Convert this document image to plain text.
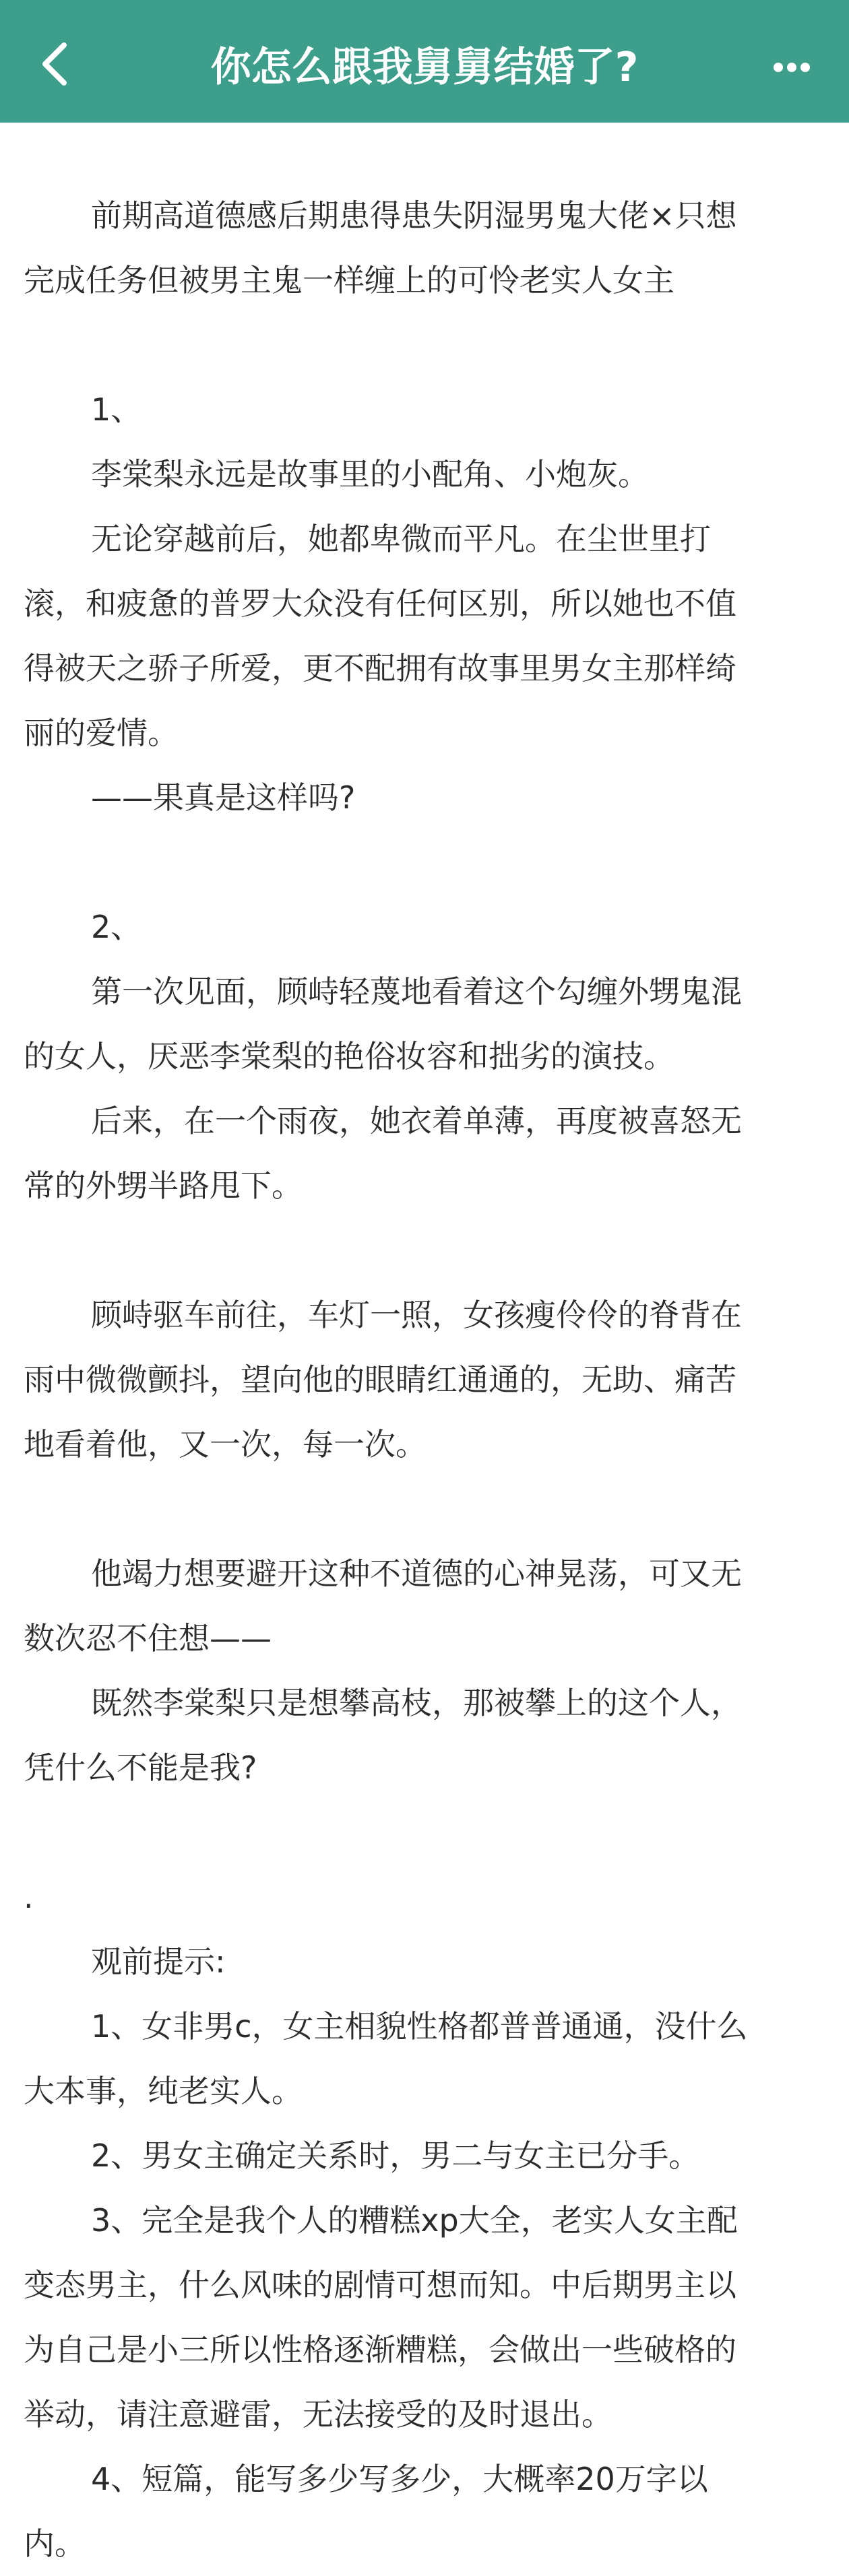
你怎么跟我舅舅结婚了?
前期高道德感后期患得患失阴湿男鬼大佬×只想
完成任务但被男主鬼一样缠上的可怜老实人女主
1、
李棠梨永远是故事里的小配角、小炮灰。
无论穿越前后，她都卑微而平凡。在尘世里打
滚，和疲惫的普罗大众没有任何区别，所以她也不值
得被天之骄子所爱，更不配拥有故事里男女主那样绮
丽的爱情。
——果真是这样吗?
2、
第一次见面，顾峙轻蔑地看着这个勾缠外甥鬼混
的女人，厌恶李棠梨的艳俗妆容和拙劣的演技。
后来，在一个雨夜，她衣着单薄，再度被喜怒无
常的外甥半路甩下。
顾峙驱车前往，车灯一照，女孩瘦伶伶的脊背在
雨中微微颤抖，望向他的眼睛红通通的，无助、痛苦
地看着他，又一次，每一次。
他竭力想要避开这种不道德的心神晃荡，可又无
数次忍不住想——
既然李棠梨只是想攀高枝，那被攀上的这个人，
凭什么不能是我?
.
观前提示:
1、女非男c，女主相貌性格都普普通通，没什么
大本事，纯老实人。
2、男女主确定关系时，男二与女主已分手。
3、完全是我个人的糟糕xp大全，老实人女主配
变态男主，什么风味的剧情可想而知。中后期男主以
为自己是小三所以性格逐渐糟糕，会做出一些破格的
举动，请注意避雷，无法接受的及时退出。
4、短篇，能写多少写多少，大概率20万字以
内。
